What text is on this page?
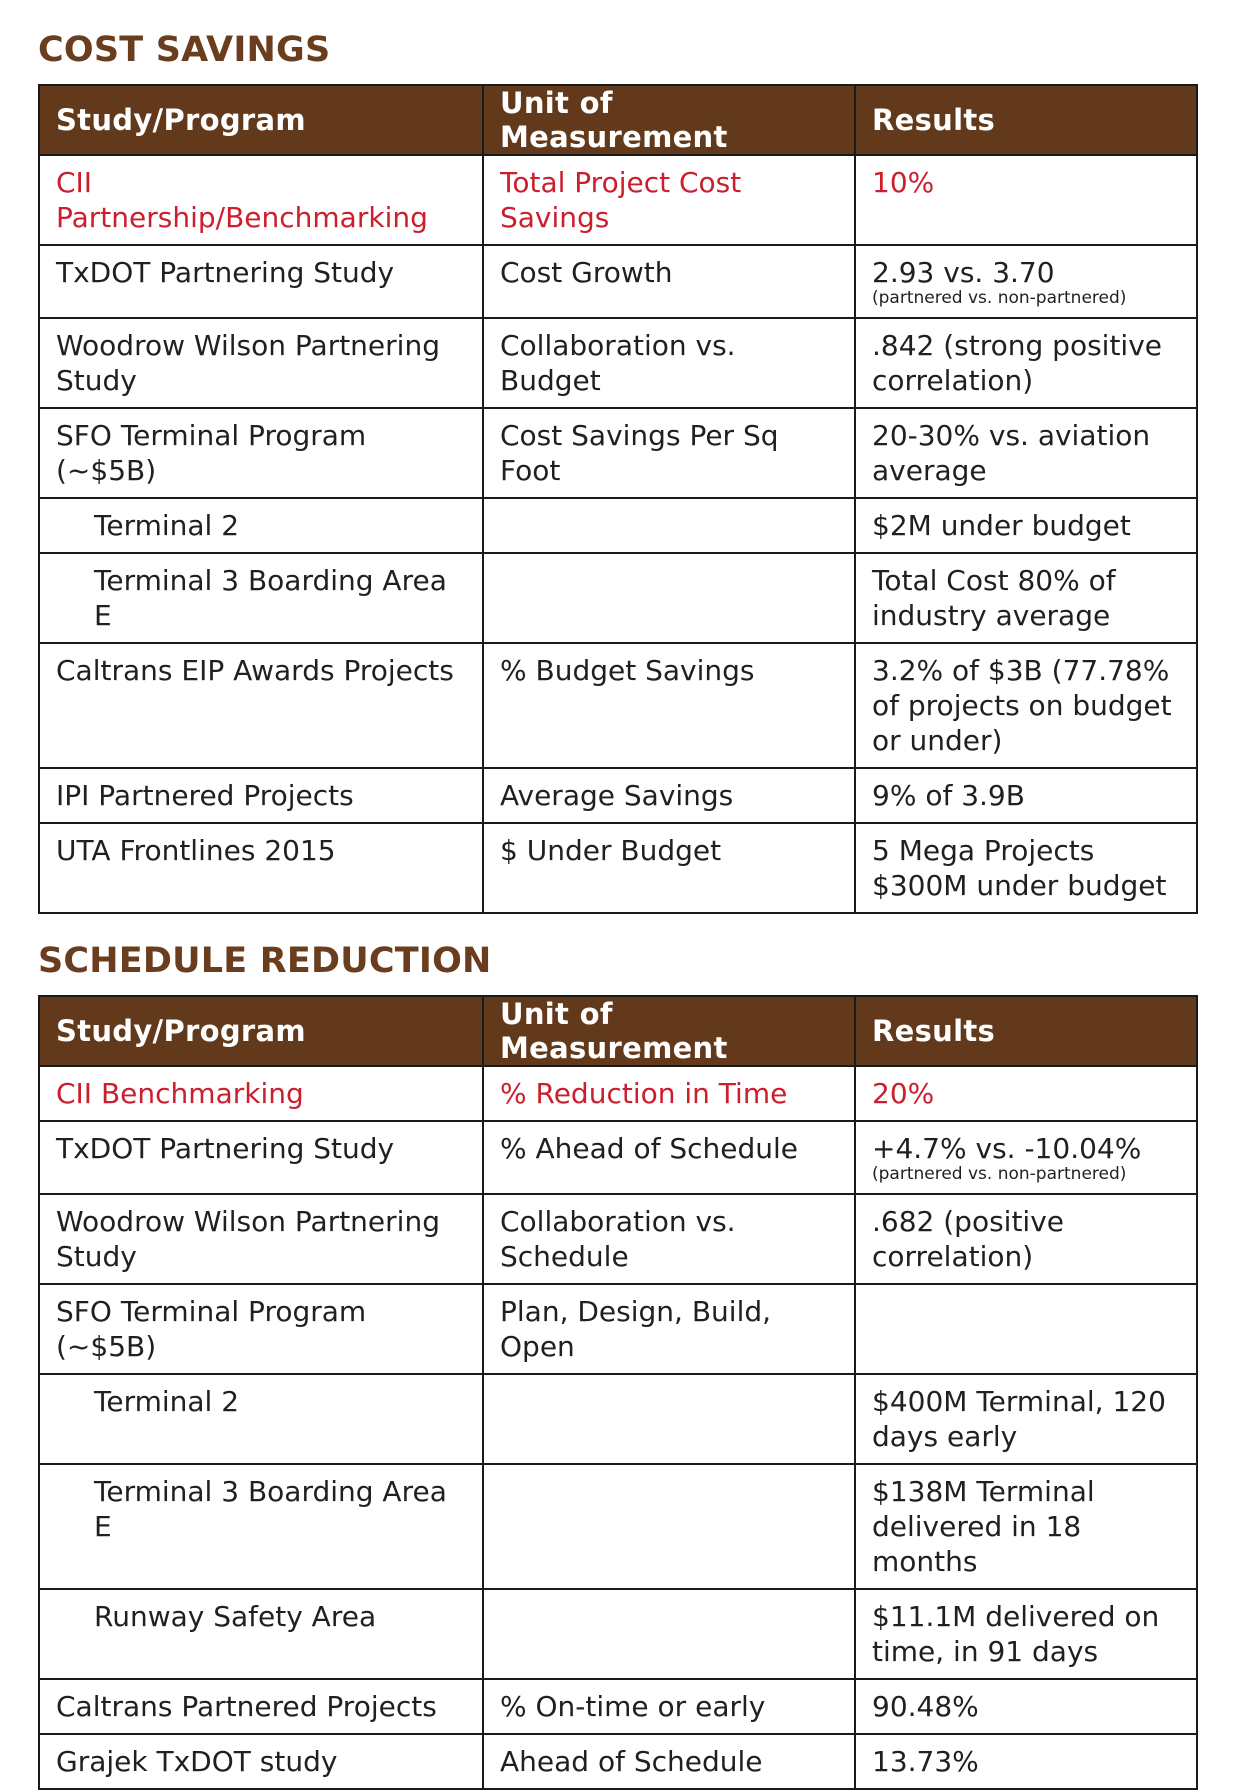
COST SAVINGS
Study/Program	Unit of Measurement	Results
CII Partnership/Benchmarking	Total Project Cost Savings	10%
TxDOT Partnering Study	Cost Growth	2.93 vs. 3.70
(partnered vs. non-partnered)

Woodrow Wilson Partnering Study	Collaboration vs. Budget	.842 (strong positive correlation)
SFO Terminal Program (~$5B)	Cost Savings Per Sq Foot	20-30% vs. aviation average
Terminal 2		$2M under budget
Terminal 3 Boarding Area E		Total Cost 80% of industry average
Caltrans EIP Awards Projects	% Budget Savings	3.2% of $3B (77.78% of projects on budget or under)
IPI Partnered Projects	Average Savings	9% of 3.9B
UTA Frontlines 2015	$ Under Budget	5 Mega Projects $300M under budget
SCHEDULE REDUCTION
Study/Program	Unit of Measurement	Results
CII Benchmarking	% Reduction in Time	20%
TxDOT Partnering Study	% Ahead of Schedule	+4.7% vs. -10.04%
(partnered vs. non-partnered)

Woodrow Wilson Partnering Study	Collaboration vs. Schedule	.682 (positive correlation)
SFO Terminal Program (~$5B)	Plan, Design, Build, Open	
Terminal 2		$400M Terminal, 120 days early
Terminal 3 Boarding Area E		$138M Terminal delivered in 18 months
Runway Safety Area		$11.1M delivered on time, in 91 days
Caltrans Partnered Projects	% On-time or early	90.48%
Grajek TxDOT study	Ahead of Schedule	13.73%
